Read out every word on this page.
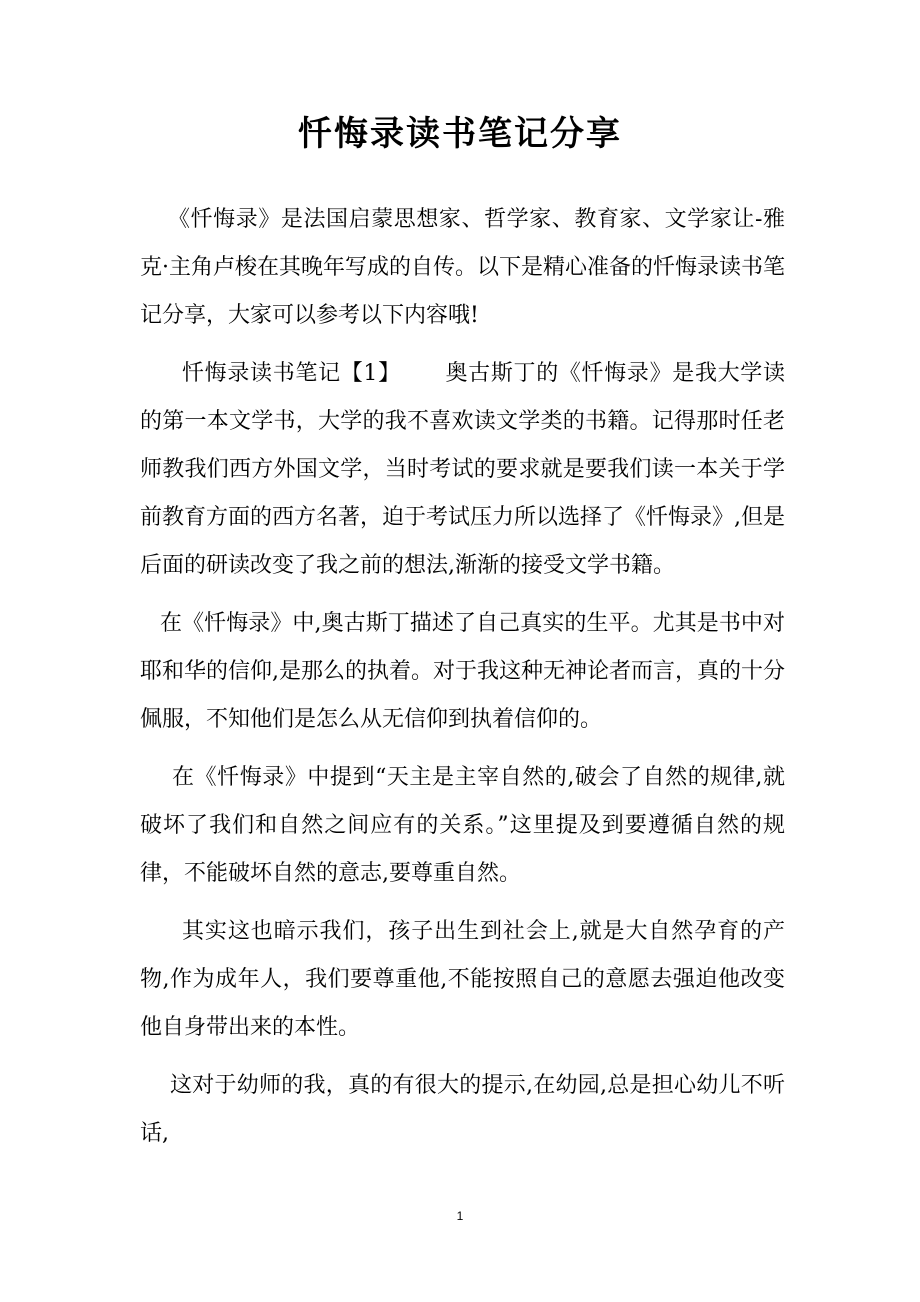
忏悔录读书笔记分享

《忏悔录》是法国启蒙思想家、哲学家、教育家、文学家让-雅克·主角卢梭在其晚年写成的自传。以下是精心准备的忏悔录读书笔记分享，大家可以参考以下内容哦!

忏悔录读书笔记【1】 奥古斯丁的《忏悔录》是我大学读的第一本文学书，大学的我不喜欢读文学类的书籍。记得那时任老师教我们西方外国文学，当时考试的要求就是要我们读一本关于学前教育方面的西方名著，迫于考试压力所以选择了《忏悔录》,但是后面的研读改变了我之前的想法,渐渐的接受文学书籍。

在《忏悔录》中,奥古斯丁描述了自己真实的生平。尤其是书中对耶和华的信仰,是那么的执着。对于我这种无神论者而言，真的十分佩服，不知他们是怎么从无信仰到执着信仰的。

在《忏悔录》中提到“天主是主宰自然的,破会了自然的规律,就破坏了我们和自然之间应有的关系。”这里提及到要遵循自然的规律，不能破坏自然的意志,要尊重自然。

其实这也暗示我们，孩子出生到社会上,就是大自然孕育的产物,作为成年人，我们要尊重他,不能按照自己的意愿去强迫他改变他自身带出来的本性。

这对于幼师的我，真的有很大的提示,在幼园,总是担心幼儿不听话,

1
